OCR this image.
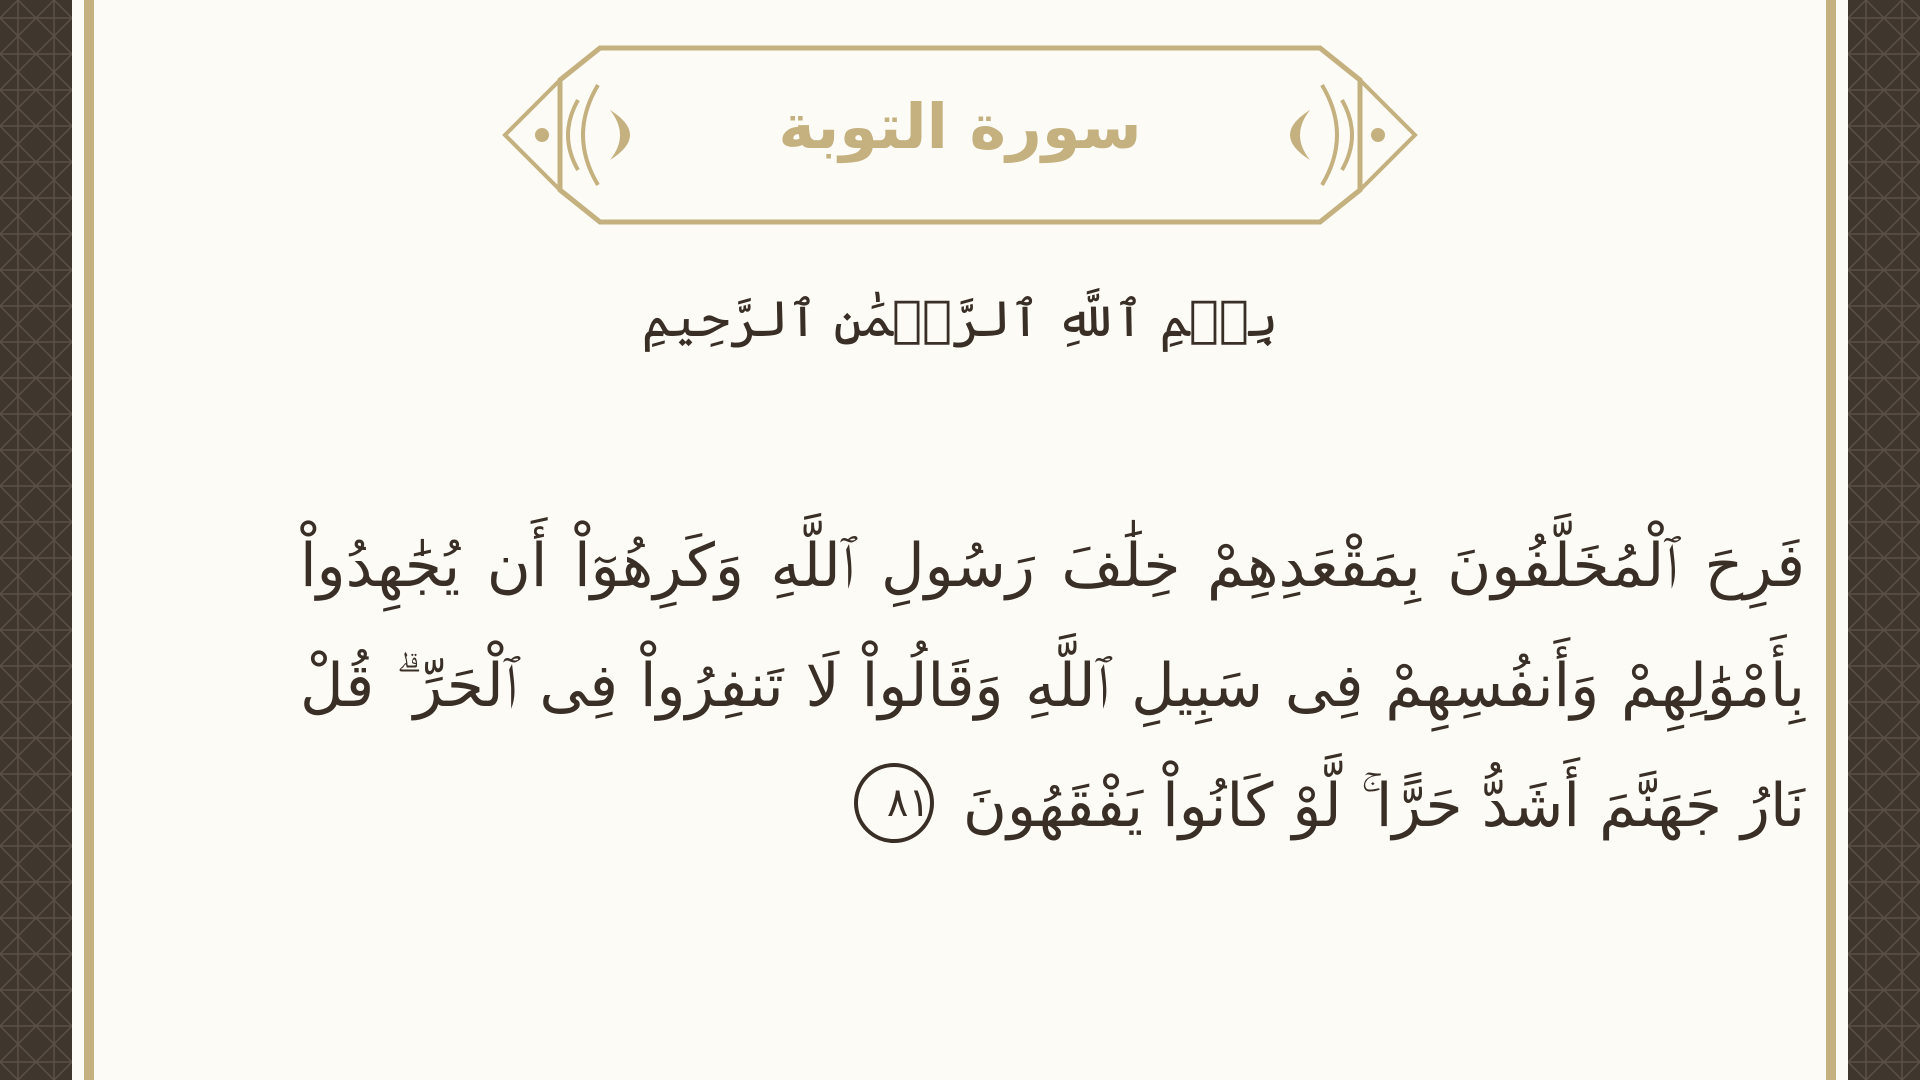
سورة التوبة
بِسۡمِ ٱللَّهِ ٱلرَّحۡمَٰنِ ٱلرَّحِيمِ
فَرِحَ ٱلْمُخَلَّفُونَ بِمَقْعَدِهِمْ خِلَٰفَ رَسُولِ ٱللَّهِ وَكَرِهُوٓاْ أَن يُجَٰهِدُواْ بِأَمْوَٰلِهِمْ وَأَنفُسِهِمْ فِى سَبِيلِ ٱللَّهِ وَقَالُواْ لَا تَنفِرُواْ فِى ٱلْحَرِّ ۗ قُلْ نَارُ جَهَنَّمَ أَشَدُّ حَرًّا ۚ لَّوْ كَانُواْ يَفْقَهُونَ ٨١
